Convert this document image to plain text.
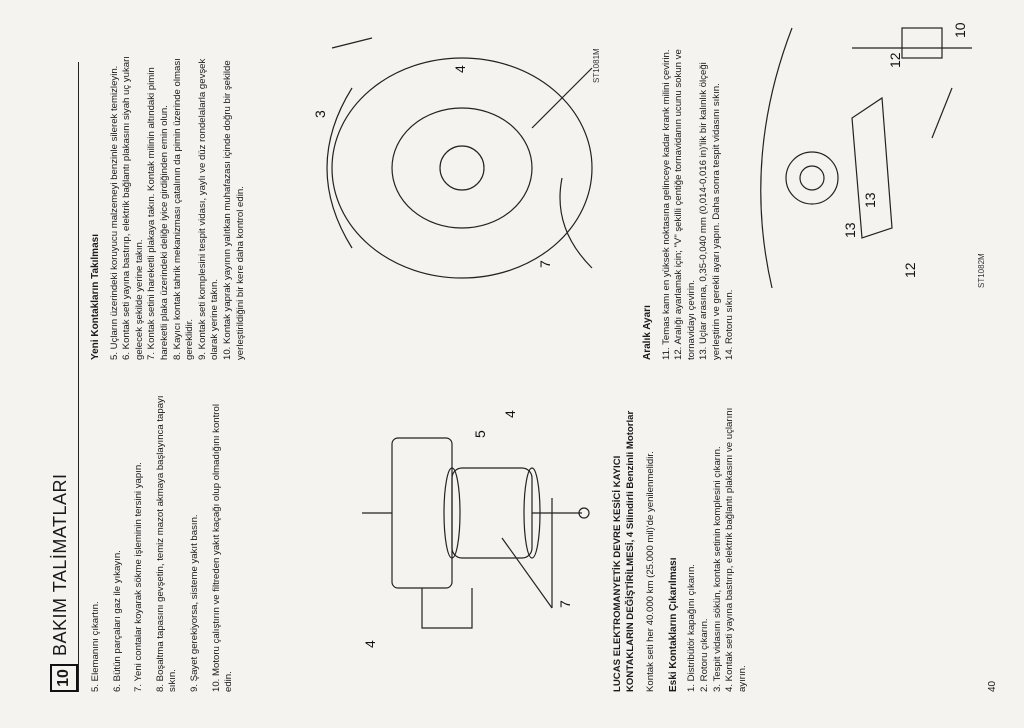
10
BAKIM TALİMATLARI 5. Elemanını çıkartın. 6. Bütün parçaları gaz ile yıkayın. 7. Yeni contalar koyarak sökme işleminin tersini yapın. 8. Boşaltma tapasını gevşetin, temiz mazot akmaya başlayınca tapayı sıkın. 9. Şayet gerekiyorsa, sisteme yakıt basın. 10. Motoru çalıştırın ve filtreden yakıt kaçağı olup olmadığını kontrol edin.

4
5
4
7	LUCAS ELEKTROMANYETİK DEVRE KESİCİ KAYICI KONTAKLARIN DEĞİŞTİRİLMESİ, 4 Silindirli Benzinli Motorlar Kontak seti her 40.000 km (25.000 mil)'de yenilenmelidir. Eski Kontakların Çıkarılması 1. Distribütör kapağını çıkarın. 2. Rotoru çıkarın. 3. Tespit vidasını sökün, kontak setinin komplesini çıkarın. 4. Kontak seti yayına bastırıp, elektrik bağlantı plakasını ve uçlarını ayırın.	40
Yeni Kontakların Takılması 5. Uçların üzerindeki koruyucu malzemeyi benzinle silerek temizleyin. 6. Kontak seti yayına bastırıp, elektrik bağlantı plakasını siyah uç yukarı gelecek şekilde yerine takın. 7. Kontak setini hareketli plakaya takın. Kontak milinin altındaki pimin hareketli plaka üzerindeki deliğe iyice girdiğinden emin olun. 8. Kayıcı kontak tahrik mekanizması çatalının da pimin üzerinde olması gereklidir. 9. Kontak seti komplesini tespit vidası, yaylı ve düz rondelalarla gevşek olarak yerine takın. 10. Kontak yaprak yayının yalıtkan muhafazası içinde doğru bir şekilde yerleştirildiğini bir kere daha kontrol edin.

3
4
7
ST1081M
Aralık Ayarı 11. Temas kamı en yüksek noktasına gelinceye kadar krank milini çevirin. 12. Aralığı ayarlamak için; "V" şekilli çentiğe tornavidanın ucunu sokun ve tornavidayı çevirin. 13. Uçlar arasına, 0,35-0,040 mm (0,014-0,016 in)'lik bir kalınlık ölçeği yerleştirin ve gerekli ayarı yapın. Daha sonra tespit vidasını sıkın. 14. Rotoru sıkın.

13
13
12
12
10
ST1082M
